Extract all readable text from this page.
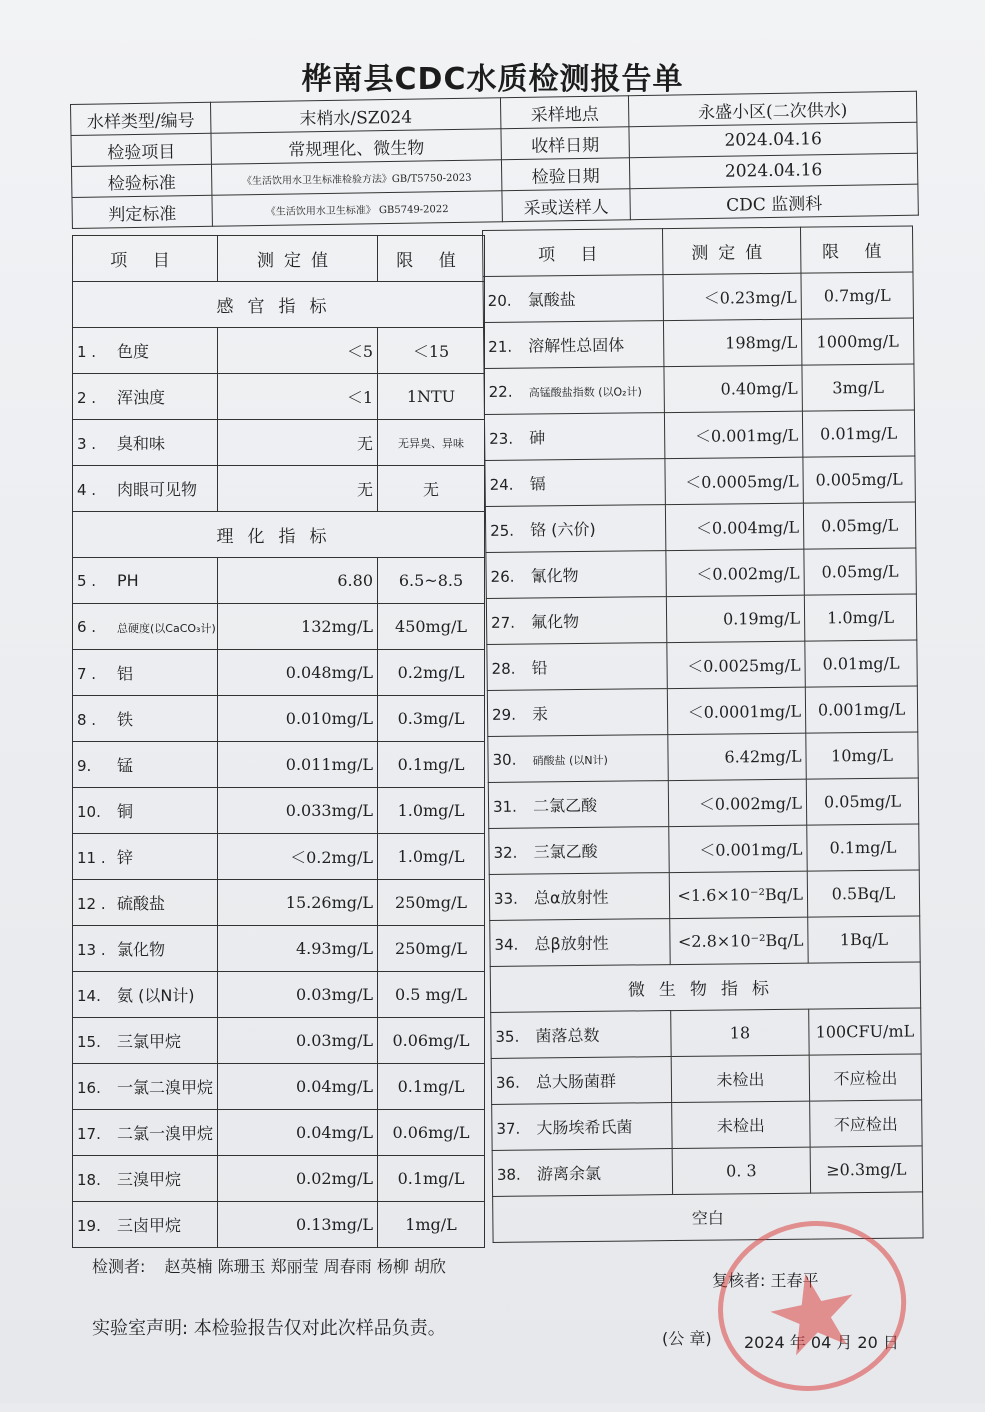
桦南县CDC水质检测报告单
水样类型/编号	末梢水/SZ024	采样地点	永盛小区(二次供水)
检验项目	常规理化、微生物	收样日期	2024.04.16
检验标准	《生活饮用水卫生标准检验方法》GB/T5750-2023	检验日期	2024.04.16
判定标准	《生活饮用水卫生标准》 GB5749-2022	采或送样人	CDC 监测科
项 目	测定值	限 值
感官指标		
1 . 色度	＜5	＜15
2 . 浑浊度	＜1	1NTU
3 . 臭和味	无	无异臭、异味
4 . 肉眼可见物	无	无
理化指标		
5 . PH	6.80	6.5~8.5
6 . 总硬度(以CaCO₃计)	132mg/L	450mg/L
7 . 铝	0.048mg/L	0.2mg/L
8 . 铁	0.010mg/L	0.3mg/L
9. 锰	0.011mg/L	0.1mg/L
10. 铜	0.033mg/L	1.0mg/L
11 . 锌	＜0.2mg/L	1.0mg/L
12 . 硫酸盐	15.26mg/L	250mg/L
13 . 氯化物	4.93mg/L	250mg/L
14. 氨 (以N计)	0.03mg/L	0.5 mg/L
15. 三氯甲烷	0.03mg/L	0.06mg/L
16. 一氯二溴甲烷	0.04mg/L	0.1mg/L
17. 二氯一溴甲烷	0.04mg/L	0.06mg/L
18. 三溴甲烷	0.02mg/L	0.1mg/L
19. 三卤甲烷	0.13mg/L	1mg/L
项 目	测定值	限 值
20. 氯酸盐	＜0.23mg/L	0.7mg/L
21. 溶解性总固体	198mg/L	1000mg/L
22. 高锰酸盐指数 (以O₂计)	0.40mg/L	3mg/L
23. 砷	＜0.001mg/L	0.01mg/L
24. 镉	＜0.0005mg/L	0.005mg/L
25. 铬 (六价)	＜0.004mg/L	0.05mg/L
26. 氰化物	＜0.002mg/L	0.05mg/L
27. 氟化物	0.19mg/L	1.0mg/L
28. 铅	＜0.0025mg/L	0.01mg/L
29. 汞	＜0.0001mg/L	0.001mg/L
30. 硝酸盐 (以N计)	6.42mg/L	10mg/L
31. 二氯乙酸	＜0.002mg/L	0.05mg/L
32. 三氯乙酸	＜0.001mg/L	0.1mg/L
33. 总α放射性	<1.6×10⁻²Bq/L	0.5Bq/L
34. 总β放射性	<2.8×10⁻²Bq/L	1Bq/L
微生物指标		
35. 菌落总数	18	100CFU/mL
36. 总大肠菌群	未检出	不应检出
37. 大肠埃希氏菌	未检出	不应检出
38. 游离余氯	0. 3	≥0.3mg/L
空白		
检测者: 赵英楠 陈珊玉 郑丽莹 周春雨 杨柳 胡欣
复核者: 王春平
实验室声明: 本检验报告仅对此次样品负责。	(公 章) 2024 年 04 月 20 日
